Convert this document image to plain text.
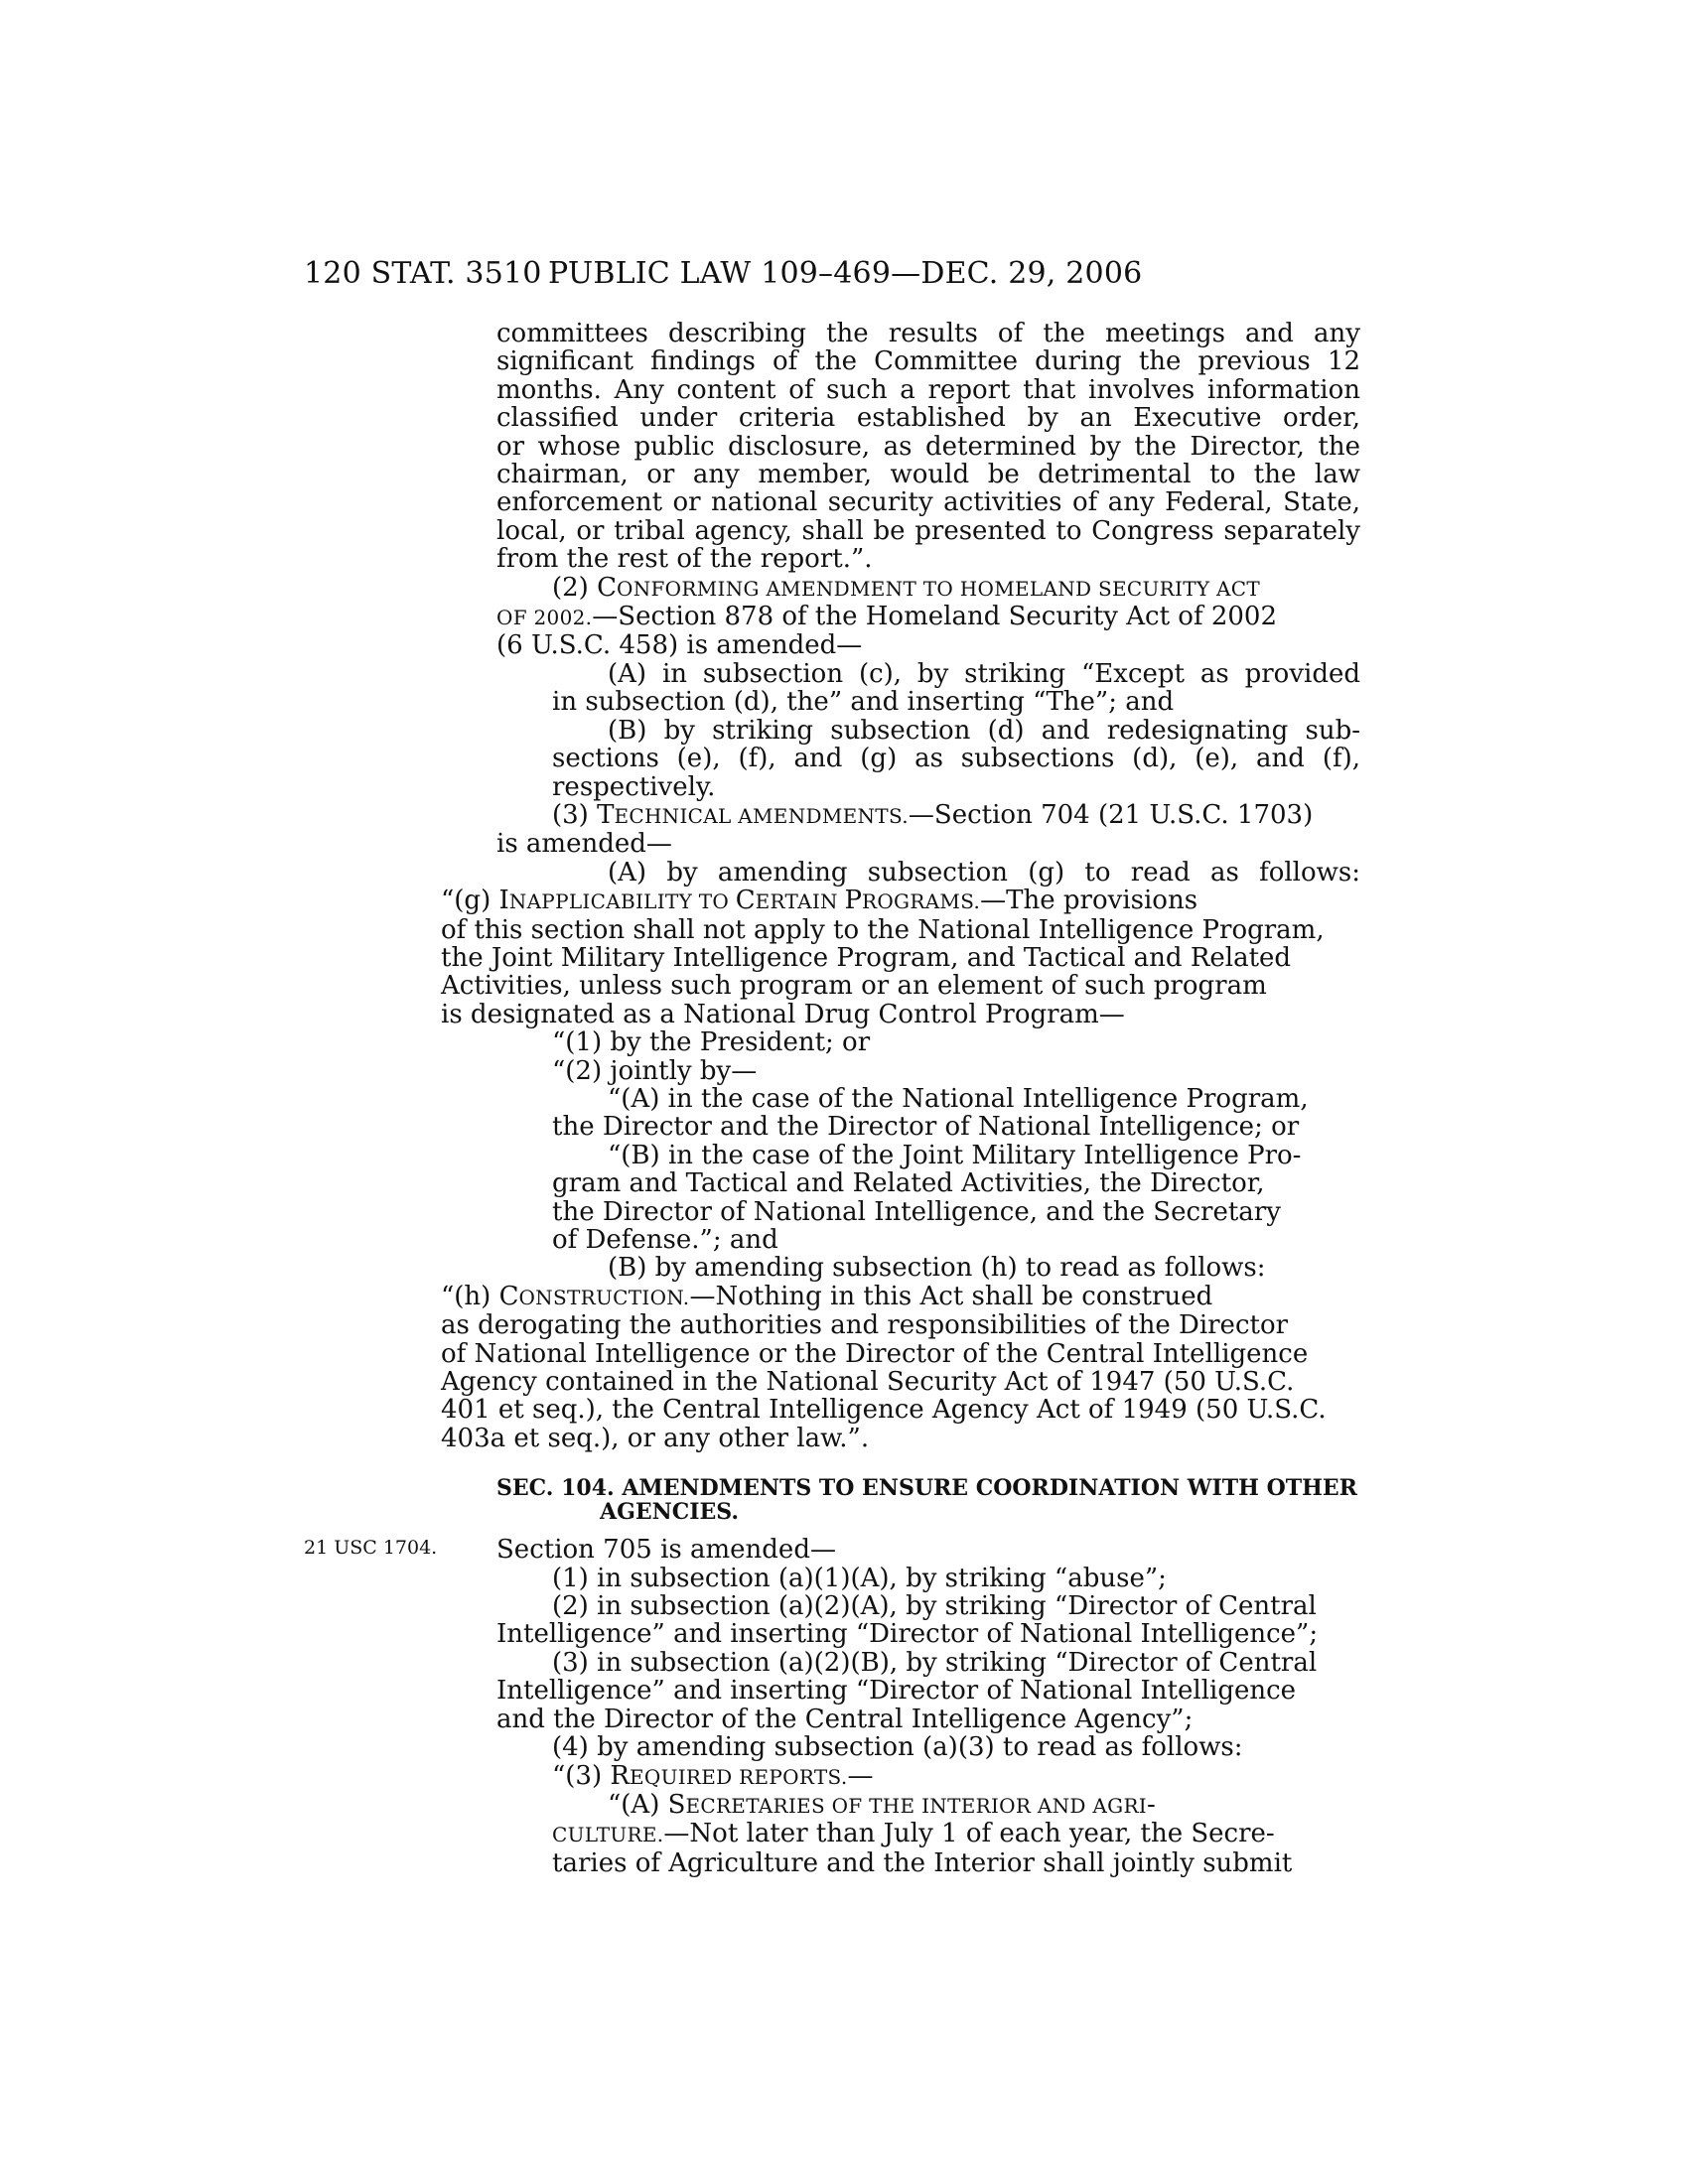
120 STAT. 3510 PUBLIC LAW 109–469—DEC. 29, 2006
21 USC 1704.
committees describing the results of the meetings and any
significant findings of the Committee during the previous 12
months. Any content of such a report that involves information
classified under criteria established by an Executive order,
or whose public disclosure, as determined by the Director, the
chairman, or any member, would be detrimental to the law
enforcement or national security activities of any Federal, State,
local, or tribal agency, shall be presented to Congress separately
from the rest of the report.”.
(2) CONFORMING AMENDMENT TO HOMELAND SECURITY ACT
OF 2002.—Section 878 of the Homeland Security Act of 2002
(6 U.S.C. 458) is amended—
(A) in subsection (c), by striking “Except as provided
in subsection (d), the” and inserting “The”; and
(B) by striking subsection (d) and redesignating sub-
sections (e), (f), and (g) as subsections (d), (e), and (f),
respectively.
(3) TECHNICAL AMENDMENTS.—Section 704 (21 U.S.C. 1703)
is amended—
(A) by amending subsection (g) to read as follows:
“(g) INAPPLICABILITY TO CERTAIN PROGRAMS.—The provisions
of this section shall not apply to the National Intelligence Program,
the Joint Military Intelligence Program, and Tactical and Related
Activities, unless such program or an element of such program
is designated as a National Drug Control Program—
“(1) by the President; or
“(2) jointly by—
“(A) in the case of the National Intelligence Program,
the Director and the Director of National Intelligence; or
“(B) in the case of the Joint Military Intelligence Pro-
gram and Tactical and Related Activities, the Director,
the Director of National Intelligence, and the Secretary
of Defense.”; and
(B) by amending subsection (h) to read as follows:
“(h) CONSTRUCTION.—Nothing in this Act shall be construed
as derogating the authorities and responsibilities of the Director
of National Intelligence or the Director of the Central Intelligence
Agency contained in the National Security Act of 1947 (50 U.S.C.
401 et seq.), the Central Intelligence Agency Act of 1949 (50 U.S.C.
403a et seq.), or any other law.”.
SEC. 104. AMENDMENTS TO ENSURE COORDINATION WITH OTHER
AGENCIES.
Section 705 is amended—
(1) in subsection (a)(1)(A), by striking “abuse”;
(2) in subsection (a)(2)(A), by striking “Director of Central
Intelligence” and inserting “Director of National Intelligence”;
(3) in subsection (a)(2)(B), by striking “Director of Central
Intelligence” and inserting “Director of National Intelligence
and the Director of the Central Intelligence Agency”;
(4) by amending subsection (a)(3) to read as follows:
“(3) REQUIRED REPORTS.—
“(A) SECRETARIES OF THE INTERIOR AND AGRI-
CULTURE.—Not later than July 1 of each year, the Secre-
taries of Agriculture and the Interior shall jointly submit
